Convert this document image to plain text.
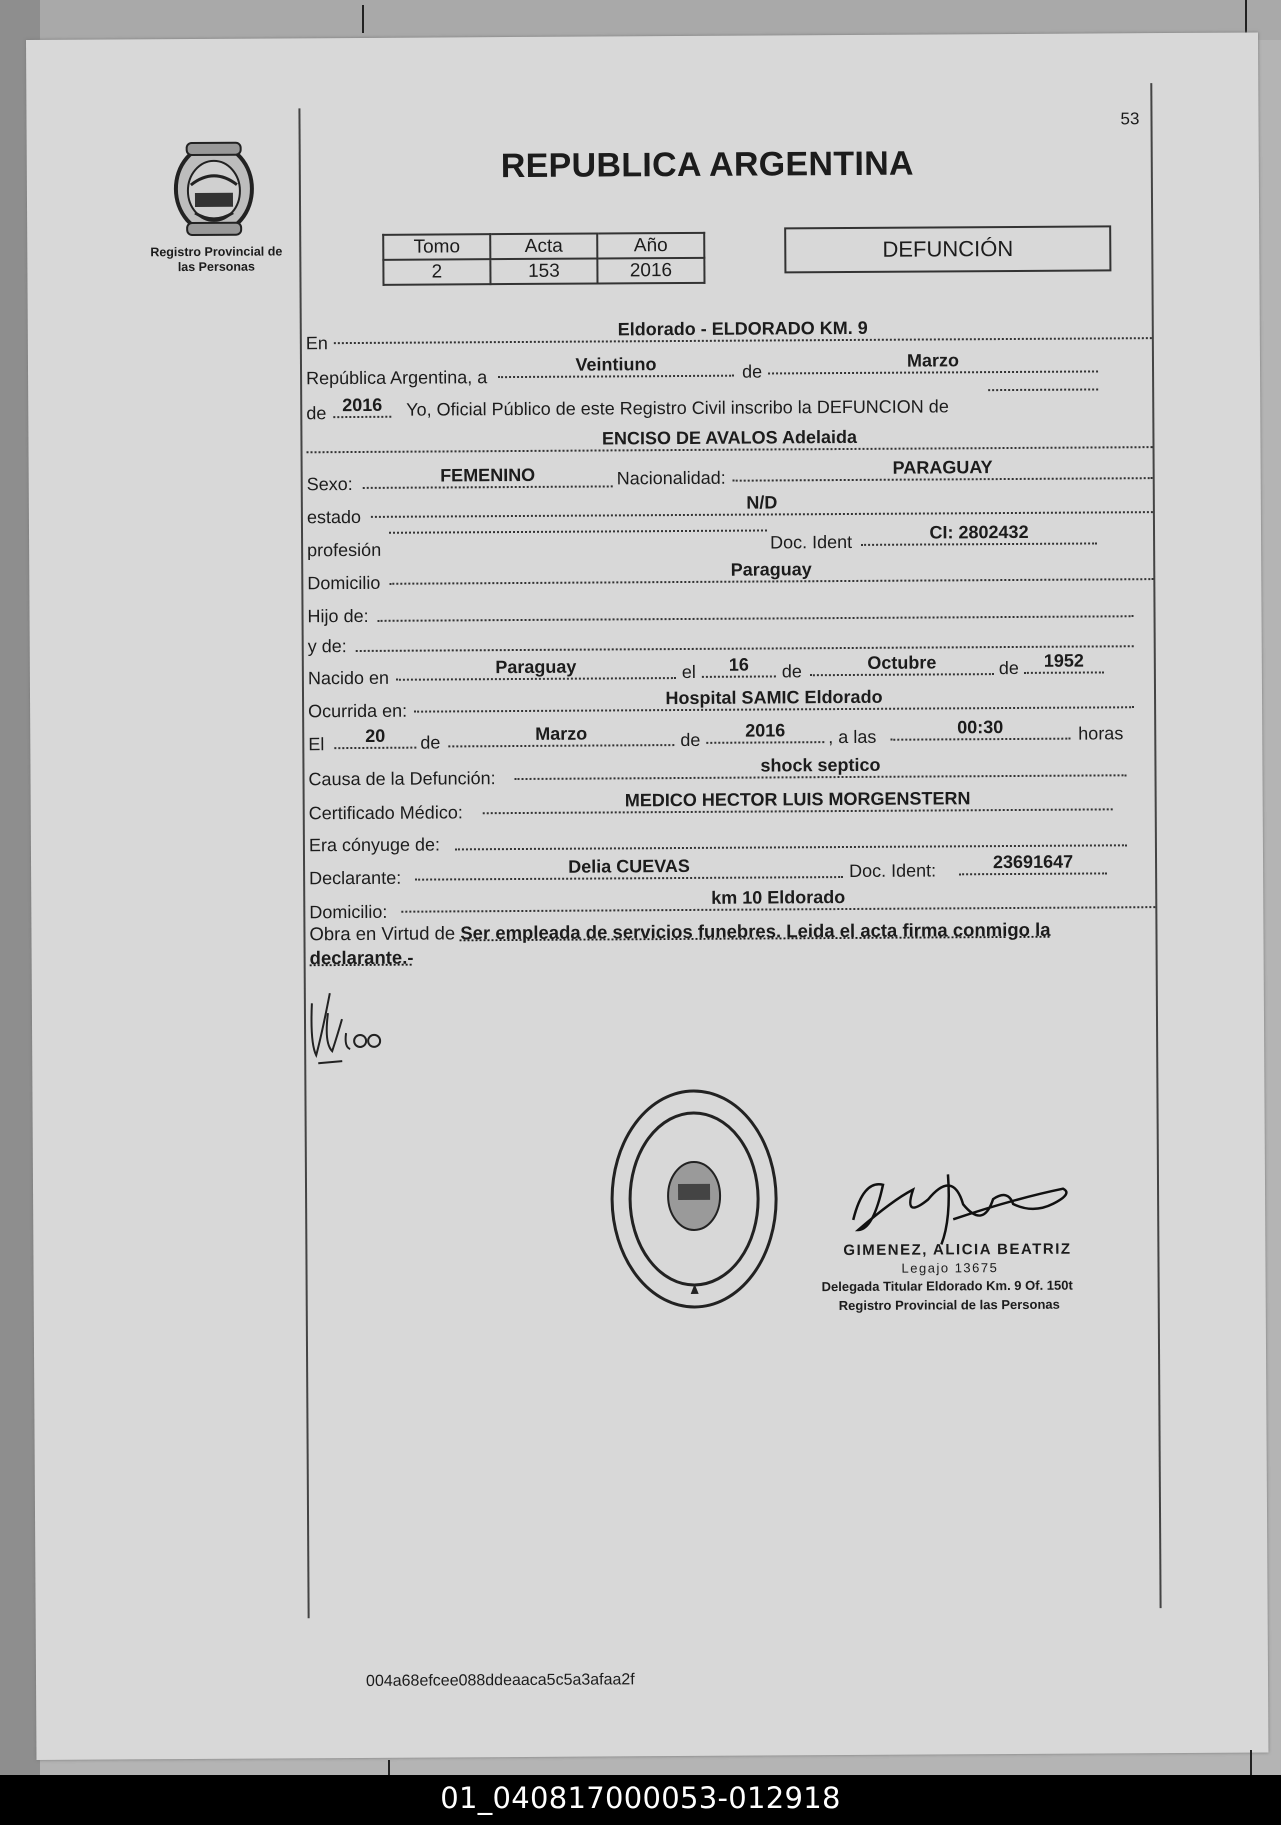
Registro Provincial de
las Personas
53
REPUBLICA ARGENTINA
Tomo	Acta	Año
2	153	2016
DEFUNCIÓN
En
Eldorado - ELDORADO KM. 9
República Argentina, a
Veintiuno	de
Marzo
de 2016	Yo, Oficial Público de este Registro Civil inscribo la DEFUNCION de
ENCISO DE AVALOS Adelaida
Sexo:	FEMENINO	Nacionalidad:
PARAGUAY
estado
N/D
profesión	Doc. Ident	CI: 2802432
Domicilio
Paraguay
Hijo de:
y de:
Nacido en
Paraguay	el	16	de	Octubre	de	1952
Ocurrida en:
Hospital SAMIC Eldorado
El	20	de	Marzo	de	2016	, a las	00:30	horas
Causa de la Defunción:
shock septico
Certificado Médico:
MEDICO HECTOR LUIS MORGENSTERN
Era cónyuge de:
Declarante:
Delia CUEVAS	Doc. Ident:	23691647
Domicilio:
km 10 Eldorado
Obra en Virtud de Ser empleada de servicios funebres. Leida el acta firma conmigo la declarante.-
GIMENEZ, ALICIA BEATRIZ
Legajo 13675
Delegada Titular Eldorado Km. 9 Of. 150t
Registro Provincial de las Personas
004a68efcee088ddeaaca5c5a3afaa2f
01_040817000053-012918
